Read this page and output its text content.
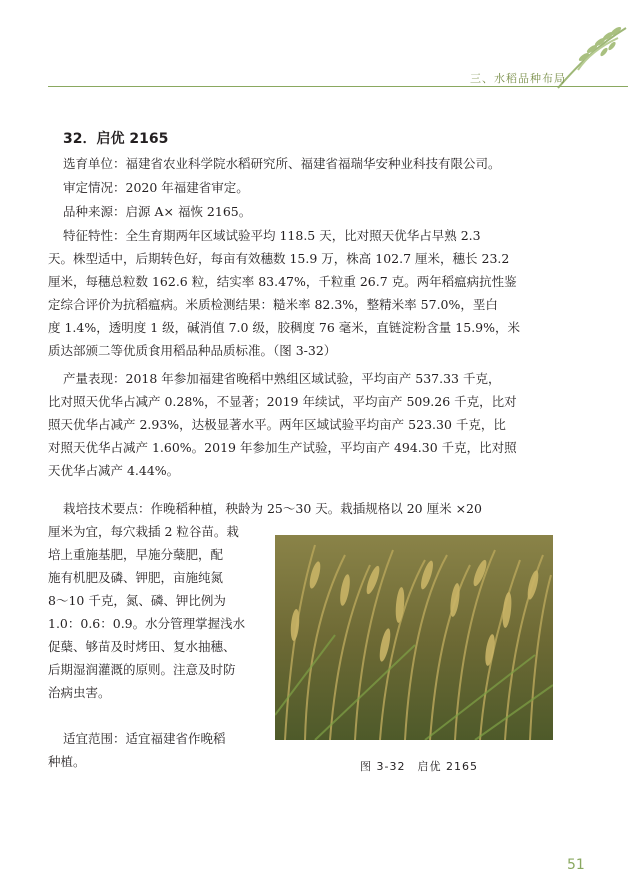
三、水稻品种布局
32．启优 2165
选育单位：福建省农业科学院水稻研究所、福建省福瑞华安种业科技有限公司。
审定情况：2020 年福建省审定。
品种来源：启源 A× 福恢 2165。
特征特性：全生育期两年区域试验平均 118.5 天，比对照天优华占早熟 2.3
天。株型适中，后期转色好，每亩有效穗数 15.9 万，株高 102.7 厘米，穗长 23.2
厘米，每穗总粒数 162.6 粒，结实率 83.47%，千粒重 26.7 克。两年稻瘟病抗性鉴
定综合评价为抗稻瘟病。米质检测结果：糙米率 82.3%，整精米率 57.0%，垩白
度 1.4%，透明度 1 级，碱消值 7.0 级，胶稠度 76 毫米，直链淀粉含量 15.9%，米
质达部颁二等优质食用稻品种品质标准。（图 3-32）
产量表现：2018 年参加福建省晚稻中熟组区域试验，平均亩产 537.33 千克，
比对照天优华占减产 0.28%，不显著；2019 年续试，平均亩产 509.26 千克，比对
照天优华占减产 2.93%，达极显著水平。两年区域试验平均亩产 523.30 千克，比
对照天优华占减产 1.60%。2019 年参加生产试验，平均亩产 494.30 千克，比对照
天优华占减产 4.44%。
栽培技术要点：作晚稻种植，秧龄为 25～30 天。栽插规格以 20 厘米 ×20
厘米为宜，每穴栽插 2 粒谷苗。栽
培上重施基肥，早施分蘖肥，配
施有机肥及磷、钾肥，亩施纯氮
8～10 千克，氮、磷、钾比例为
1.0：0.6：0.9。水分管理掌握浅水
促蘖、够苗及时烤田、复水抽穗、
后期湿润灌溉的原则。注意及时防
治病虫害。
适宜范围：适宜福建省作晚稻
种植。	图 3-32　启优 2165
51
